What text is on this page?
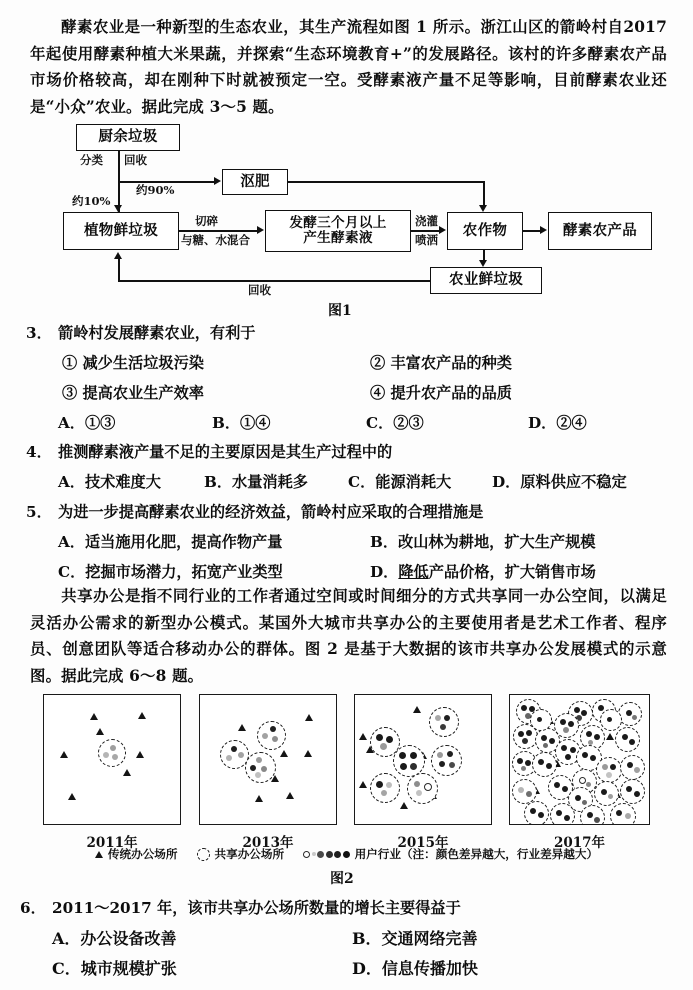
酵素农业是一种新型的生态农业，其生产流程如图 1 所示。浙江山区的箭岭村自2017 年起使用酵素种植大米果蔬，并探索“生态环境教育+”的发展路径。该村的许多酵素农产品市场价格较高，却在刚种下时就被预定一空。受酵素液产量不足等影响，目前酵素农业还是“小众”农业。据此完成 3～5 题。
厨余垃圾
沤肥
植物鲜垃圾	发酵三个月以上
产生酵素液	农作物	酵素农产品
农业鲜垃圾
分类 回收
约90%
约10%
切碎
与糖、水混合
浇灌
喷洒
回收
图1
3． 箭岭村发展酵素农业，有利于
① 减少生活垃圾污染	② 丰富农产品的种类
③ 提高农业生产效率	④ 提升农产品的品质
A．①③	B．①④	C．②③	D．②④
4． 推测酵素液产量不足的主要原因是其生产过程中的
A．技术难度大	B．水量消耗多	C．能源消耗大	D．原料供应不稳定
5． 为进一步提高酵素农业的经济效益，箭岭村应采取的合理措施是
A．适当施用化肥，提高作物产量	B．改山林为耕地，扩大生产规模
C．挖掘市场潜力，拓宽产业类型	D．降低产品价格，扩大销售市场
共享办公是指不同行业的工作者通过空间或时间细分的方式共享同一办公空间，以满足灵活办公需求的新型办公模式。某国外大城市共享办公的主要使用者是艺术工作者、程序员、创意团队等适合移动办公的群体。图 2 是基于大数据的该市共享办公发展模式的示意图。据此完成 6～8 题。
2011年	2013年	2015年	2017年
传统办公场所	共享办公场所	用户行业（注：颜色差异越大，行业差异越大）
图2
6． 2011～2017 年，该市共享办公场所数量的增长主要得益于
A．办公设备改善	B．交通网络完善
C．城市规模扩张	D．信息传播加快
